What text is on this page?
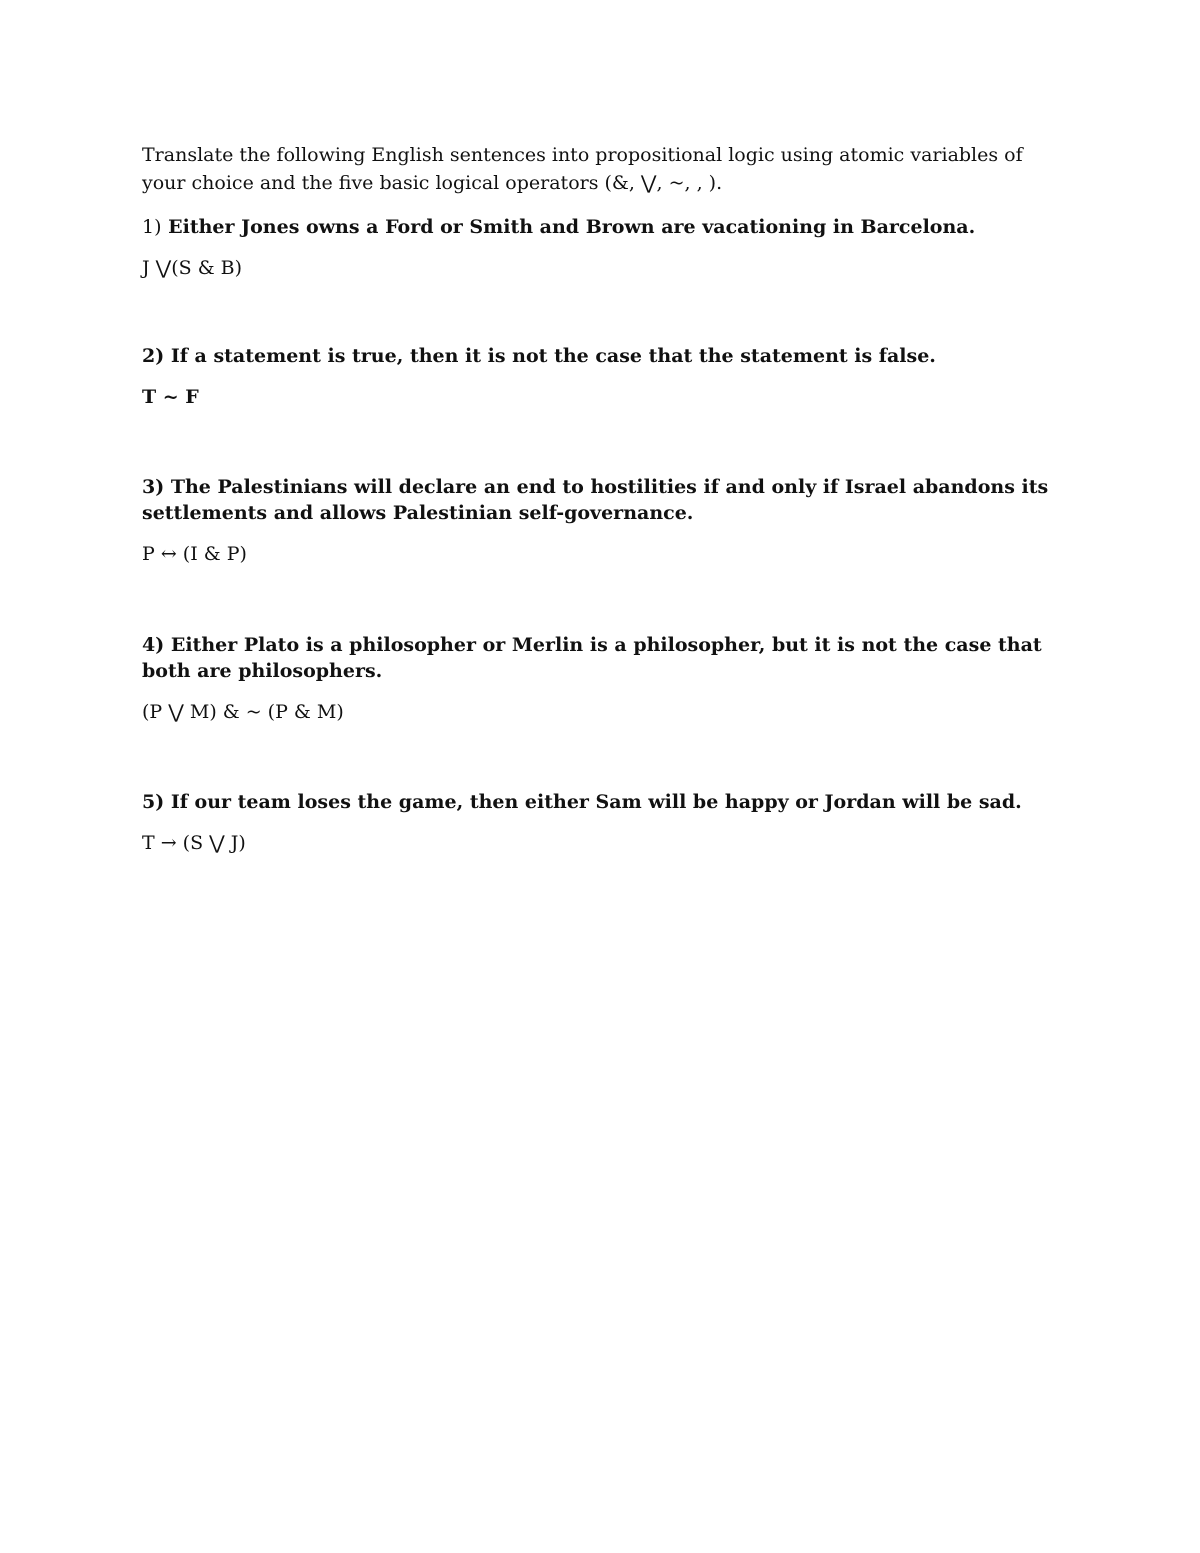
Translate the following English sentences into propositional logic using atomic variables of your choice and the five basic logical operators (&, ⋁, ~, , ).

1) Either Jones owns a Ford or Smith and Brown are vacationing in Barcelona.

J ⋁(S & B)

2) If a statement is true, then it is not the case that the statement is false.

T ~ F

3) The Palestinians will declare an end to hostilities if and only if Israel abandons its settlements and allows Palestinian self-governance.

P ↔ (I & P)

4) Either Plato is a philosopher or Merlin is a philosopher, but it is not the case that both are philosophers.

(P ⋁ M) & ~ (P & M)

5) If our team loses the game, then either Sam will be happy or Jordan will be sad.

T → (S ⋁ J)
